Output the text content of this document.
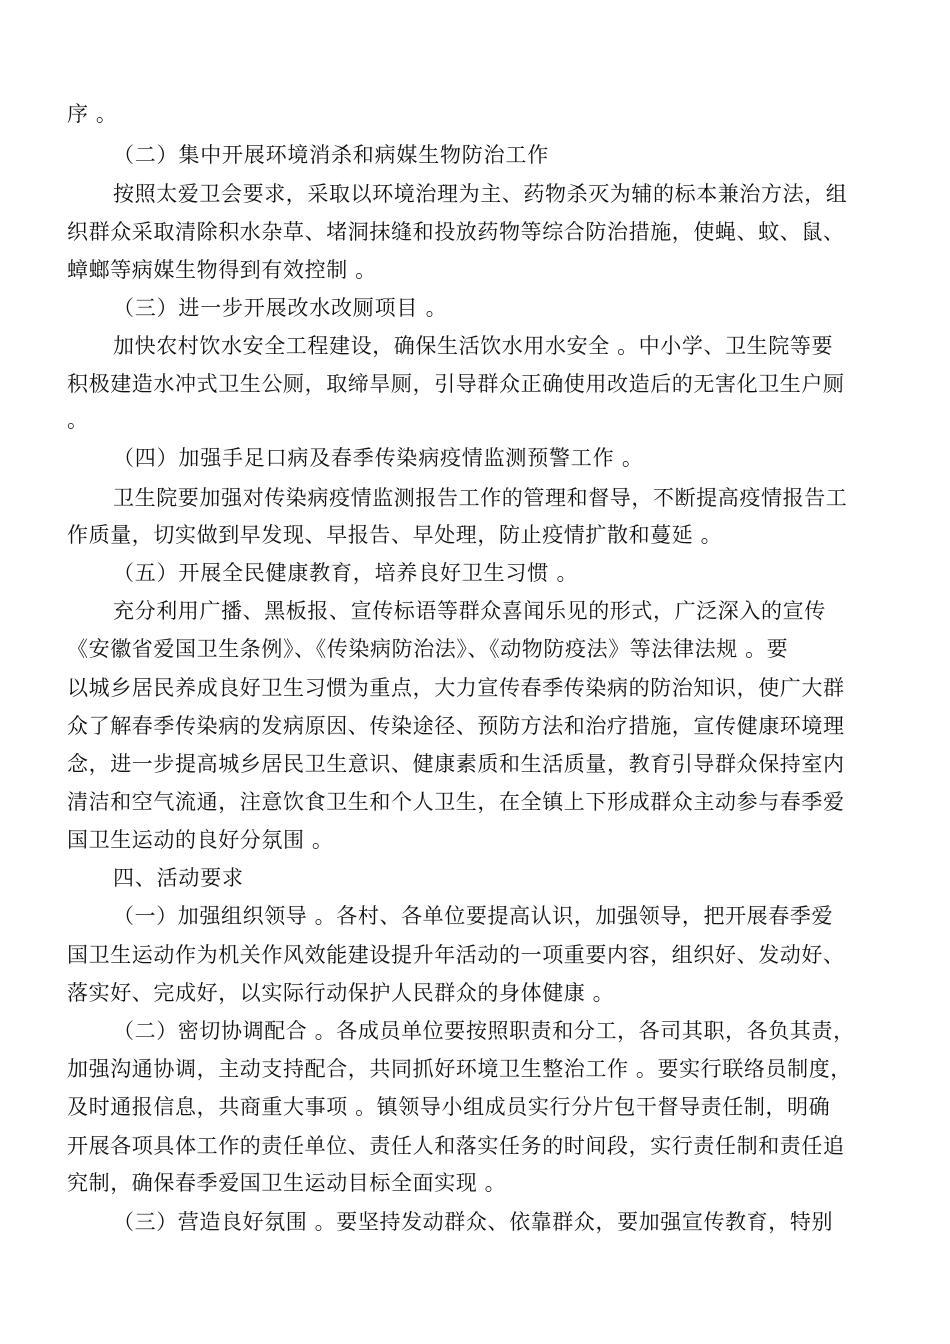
序 。
（二）集中开展环境消杀和病媒生物防治工作
按照太爱卫会要求，采取以环境治理为主、药物杀灭为辅的标本兼治方法，组
织群众采取清除积水杂草、堵洞抹缝和投放药物等综合防治措施，使蝇、蚊、鼠、
蟑螂等病媒生物得到有效控制 。
（三）进一步开展改水改厕项目 。
加快农村饮水安全工程建设，确保生活饮水用水安全 。中小学、卫生院等要
积极建造水冲式卫生公厕，取缔旱厕，引导群众正确使用改造后的无害化卫生户厕
。
（四）加强手足口病及春季传染病疫情监测预警工作 。
卫生院要加强对传染病疫情监测报告工作的管理和督导，不断提高疫情报告工
作质量，切实做到早发现、早报告、早处理，防止疫情扩散和蔓延 。
（五）开展全民健康教育，培养良好卫生习惯 。
充分利用广播、黑板报、宣传标语等群众喜闻乐见的形式，广泛深入的宣传
《安徽省爱国卫生条例》、《传染病防治法》、《动物防疫法》等法律法规 。要
以城乡居民养成良好卫生习惯为重点，大力宣传春季传染病的防治知识，使广大群
众了解春季传染病的发病原因、传染途径、预防方法和治疗措施，宣传健康环境理
念，进一步提高城乡居民卫生意识、健康素质和生活质量，教育引导群众保持室内
清洁和空气流通，注意饮食卫生和个人卫生，在全镇上下形成群众主动参与春季爱
国卫生运动的良好分氛围 。
四、活动要求
（一）加强组织领导 。各村、各单位要提高认识，加强领导，把开展春季爱
国卫生运动作为机关作风效能建设提升年活动的一项重要内容，组织好、发动好、
落实好、完成好，以实际行动保护人民群众的身体健康 。
（二）密切协调配合 。各成员单位要按照职责和分工，各司其职，各负其责，
加强沟通协调，主动支持配合，共同抓好环境卫生整治工作 。要实行联络员制度，
及时通报信息，共商重大事项 。镇领导小组成员实行分片包干督导责任制，明确
开展各项具体工作的责任单位、责任人和落实任务的时间段，实行责任制和责任追
究制，确保春季爱国卫生运动目标全面实现 。
（三）营造良好氛围 。要坚持发动群众、依靠群众，要加强宣传教育，特别
